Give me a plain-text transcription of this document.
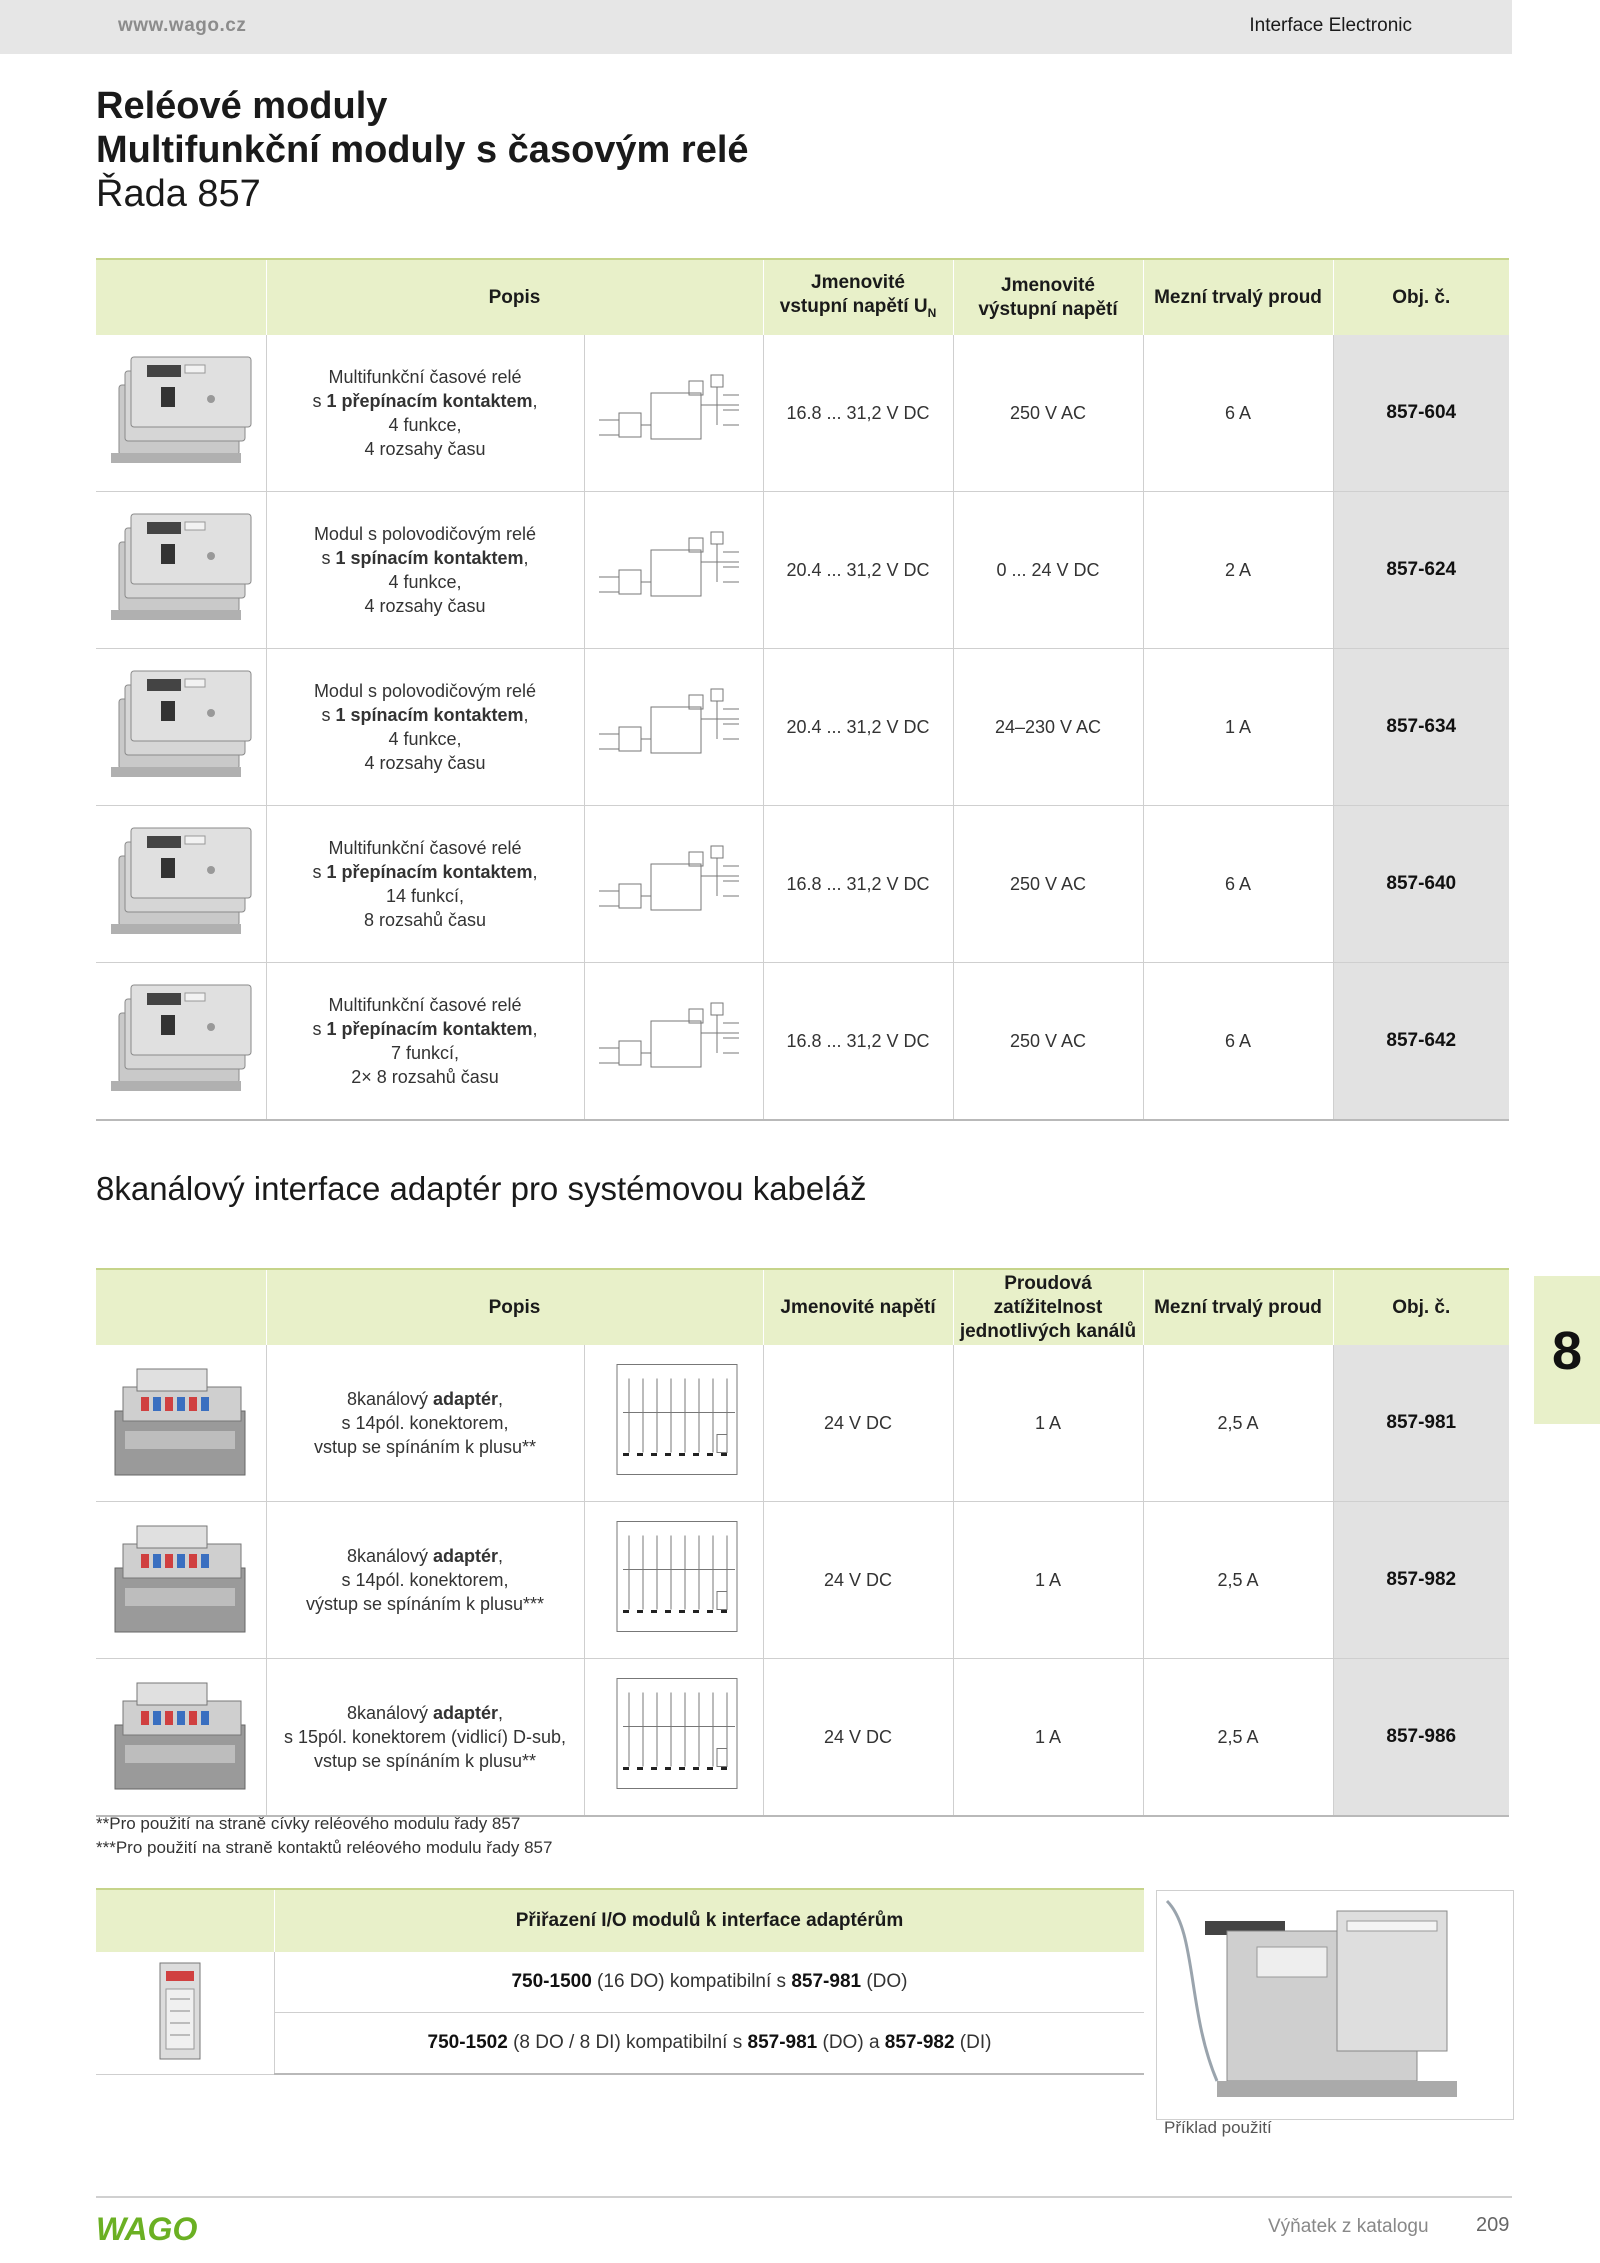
www.wago.cz	Interface Electronic
Reléové moduly
Multifunkční moduly s časovým relé
Řada 857
	Popis		Jmenovité
vstupní napětí $U_N$	Jmenovité
výstupní napětí	Mezní trvalý proud	Obj. č.

Multifunkční časové relé
s 1 přepínacím kontaktem,
4 funkce,
4 rozsahy času		16.8 ... 31,2 V DC	250 V AC	6 A	857-604

Modul s polovodičovým relé
s 1 spínacím kontaktem,
4 funkce,
4 rozsahy času		20.4 ... 31,2 V DC	0 ... 24 V DC	2 A	857-624

Modul s polovodičovým relé
s 1 spínacím kontaktem,
4 funkce,
4 rozsahy času		20.4 ... 31,2 V DC	24–230 V AC	1 A	857-634

Multifunkční časové relé
s 1 přepínacím kontaktem,
14 funkcí,
8 rozsahů času		16.8 ... 31,2 V DC	250 V AC	6 A	857-640

Multifunkční časové relé
s 1 přepínacím kontaktem,
7 funkcí,
2× 8 rozsahů času		16.8 ... 31,2 V DC	250 V AC	6 A	857-642
8kanálový interface adaptér pro systémovou kabeláž
	Popis		Jmenovité napětí	Proudová zatížitelnost
jednotlivých kanálů	Mezní trvalý proud	Obj. č.

8kanálový adaptér,
s 14pól. konektorem,
vstup se spínáním k plusu**		24 V DC	1 A	2,5 A	857-981

8kanálový adaptér,
s 14pól. konektorem,
výstup se spínáním k plusu***		24 V DC	1 A	2,5 A	857-982

8kanálový adaptér,
s 15pól. konektorem (vidlicí) D-sub,
vstup se spínáním k plusu**		24 V DC	1 A	2,5 A	857-986
**Pro použití na straně cívky reléového modulu řady 857
***Pro použití na straně kontaktů reléového modulu řady 857
	Přiřazení I/O modulů k interface adaptérům
	750-1500 (16 DO) kompatibilní s 857-981 (DO)
	750-1502 (8 DO / 8 DI) kompatibilní s 857-981 (DO) a 857-982 (DI)
Příklad použití
8
WAGO	Výňatek z katalogu 209
